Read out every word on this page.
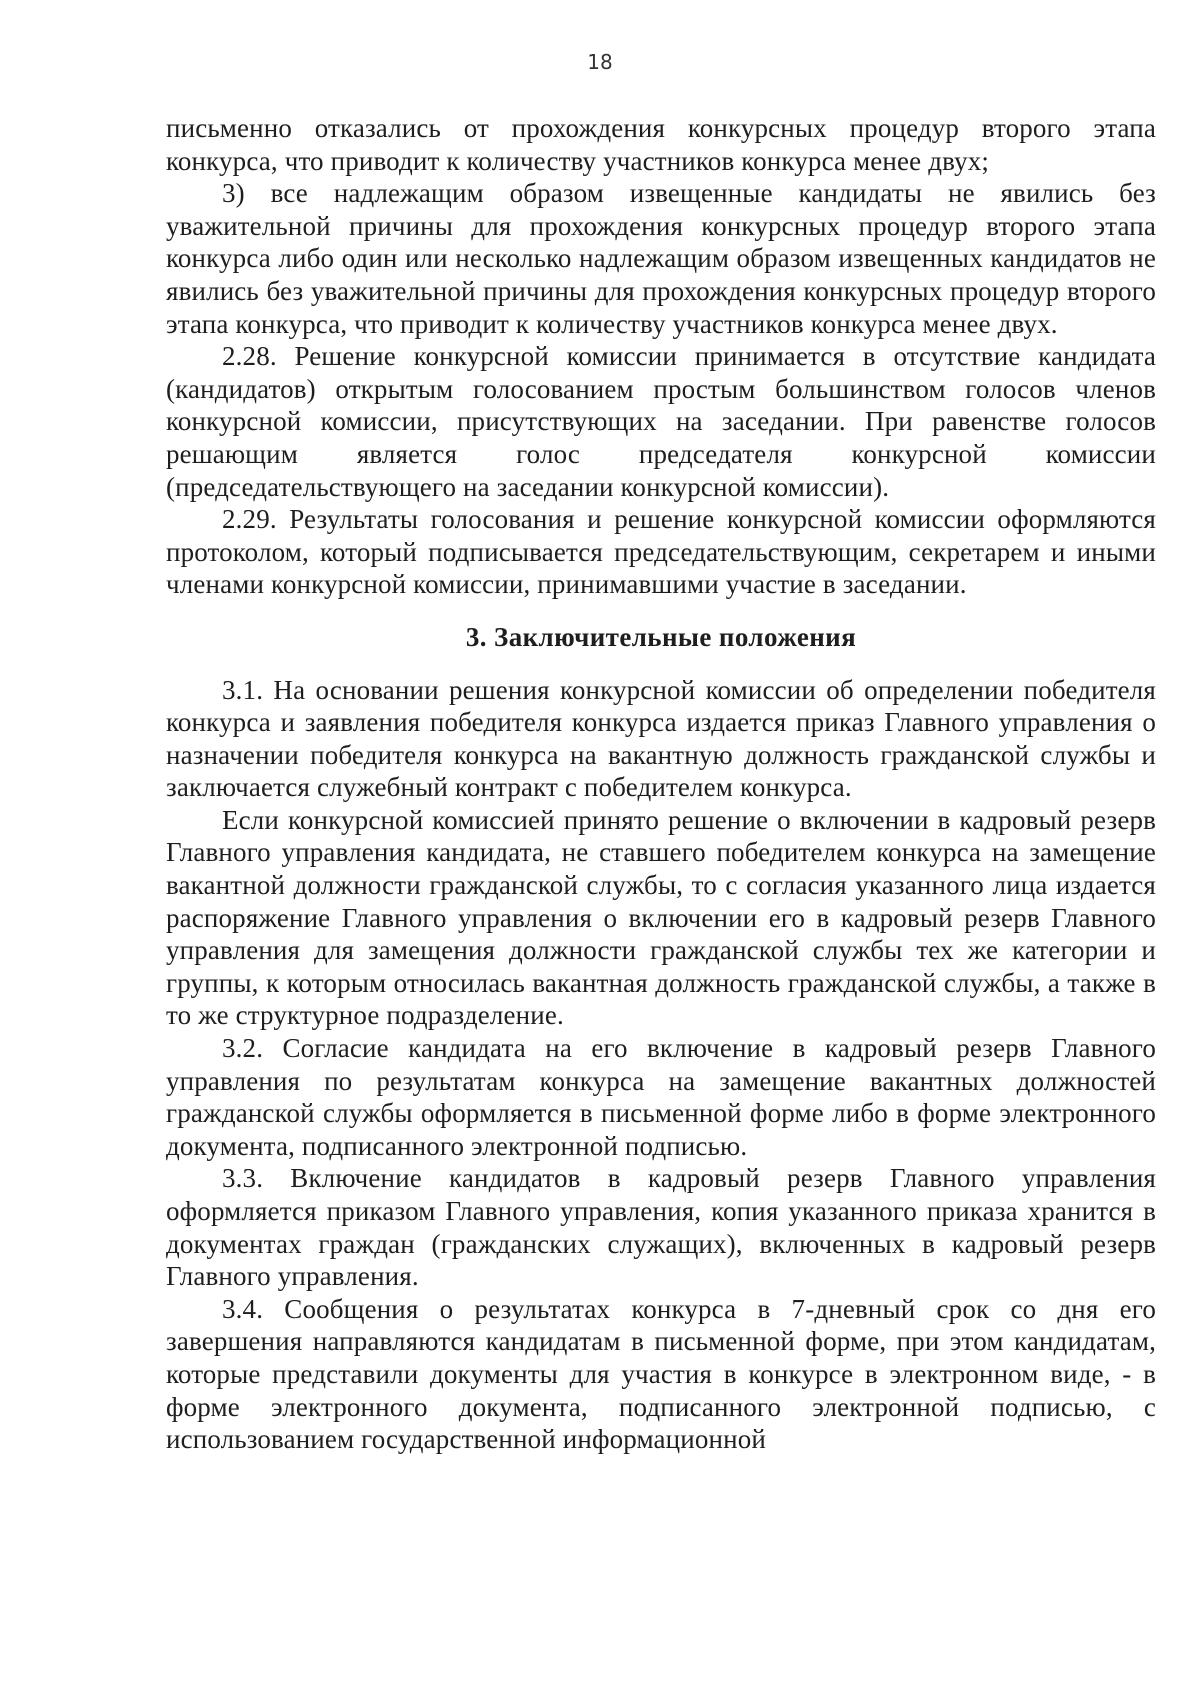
18

письменно отказались от прохождения конкурсных процедур второго этапа конкурса, что приводит к количеству участников конкурса менее двух;

3) все надлежащим образом извещенные кандидаты не явились без уважительной причины для прохождения конкурсных процедур второго этапа конкурса либо один или несколько надлежащим образом извещенных кандидатов не явились без уважительной причины для прохождения конкурсных процедур второго этапа конкурса, что приводит к количеству участников конкурса менее двух.

2.28. Решение конкурсной комиссии принимается в отсутствие кандидата (кандидатов) открытым голосованием простым большинством голосов членов конкурсной комиссии, присутствующих на заседании. При равенстве голосов решающим является голос председателя конкурсной комиссии (председательствующего на заседании конкурсной комиссии).

2.29. Результаты голосования и решение конкурсной комиссии оформляются протоколом, который подписывается председательствующим, секретарем и иными членами конкурсной комиссии, принимавшими участие в заседании.

3. Заключительные положения

3.1. На основании решения конкурсной комиссии об определении победителя конкурса и заявления победителя конкурса издается приказ Главного управления о назначении победителя конкурса на вакантную должность гражданской службы и заключается служебный контракт с победителем конкурса.

Если конкурсной комиссией принято решение о включении в кадровый резерв Главного управления кандидата, не ставшего победителем конкурса на замещение вакантной должности гражданской службы, то с согласия указанного лица издается распоряжение Главного управления о включении его в кадровый резерв Главного управления для замещения должности гражданской службы тех же категории и группы, к которым относилась вакантная должность гражданской службы, а также в то же структурное подразделение.

3.2. Согласие кандидата на его включение в кадровый резерв Главного управления по результатам конкурса на замещение вакантных должностей гражданской службы оформляется в письменной форме либо в форме электронного документа, подписанного электронной подписью.

3.3. Включение кандидатов в кадровый резерв Главного управления оформляется приказом Главного управления, копия указанного приказа хранится в документах граждан (гражданских служащих), включенных в кадровый резерв Главного управления.

3.4. Сообщения о результатах конкурса в 7-дневный срок со дня его завершения направляются кандидатам в письменной форме, при этом кандидатам, которые представили документы для участия в конкурсе в электронном виде, - в форме электронного документа, подписанного электронной подписью, с использованием государственной информационной
